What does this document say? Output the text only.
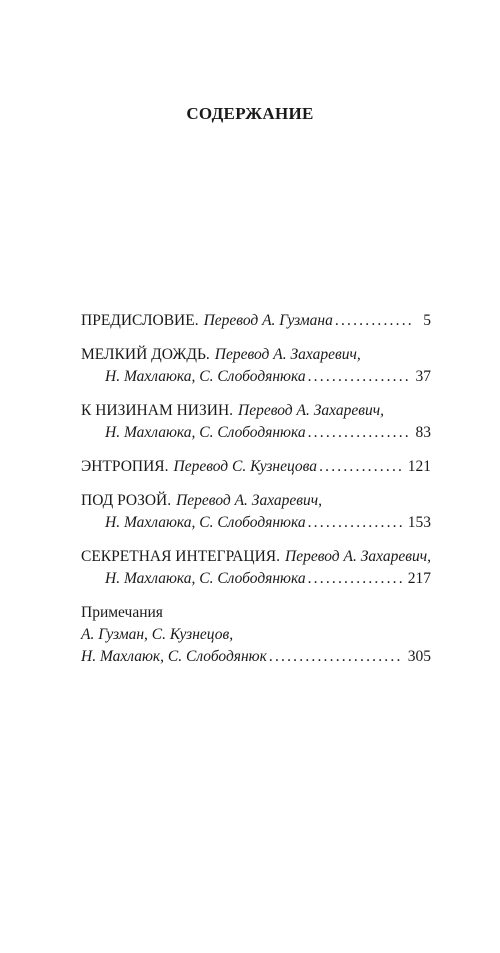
СОДЕРЖАНИЕ
ПРЕДИСЛОВИЕ. Перевод А. Гузмана .....	5
МЕЛКИЙ ДОЖДЬ. Перевод А. Захаревич,
Н. Махлаюка, С. Слободянюка .....	37
К НИЗИНАМ НИЗИН. Перевод А. Захаревич,
Н. Махлаюка, С. Слободянюка .....	83
ЭНТРОПИЯ. Перевод С. Кузнецова .....	121
ПОД РОЗОЙ. Перевод А. Захаревич,
Н. Махлаюка, С. Слободянюка .....	153
СЕКРЕТНАЯ ИНТЕГРАЦИЯ. Перевод А. Захаревич,
Н. Махлаюка, С. Слободянюка .....	217
Примечания
А. Гузман, С. Кузнецов,
Н. Махлаюк, С. Слободянюк .....	305
